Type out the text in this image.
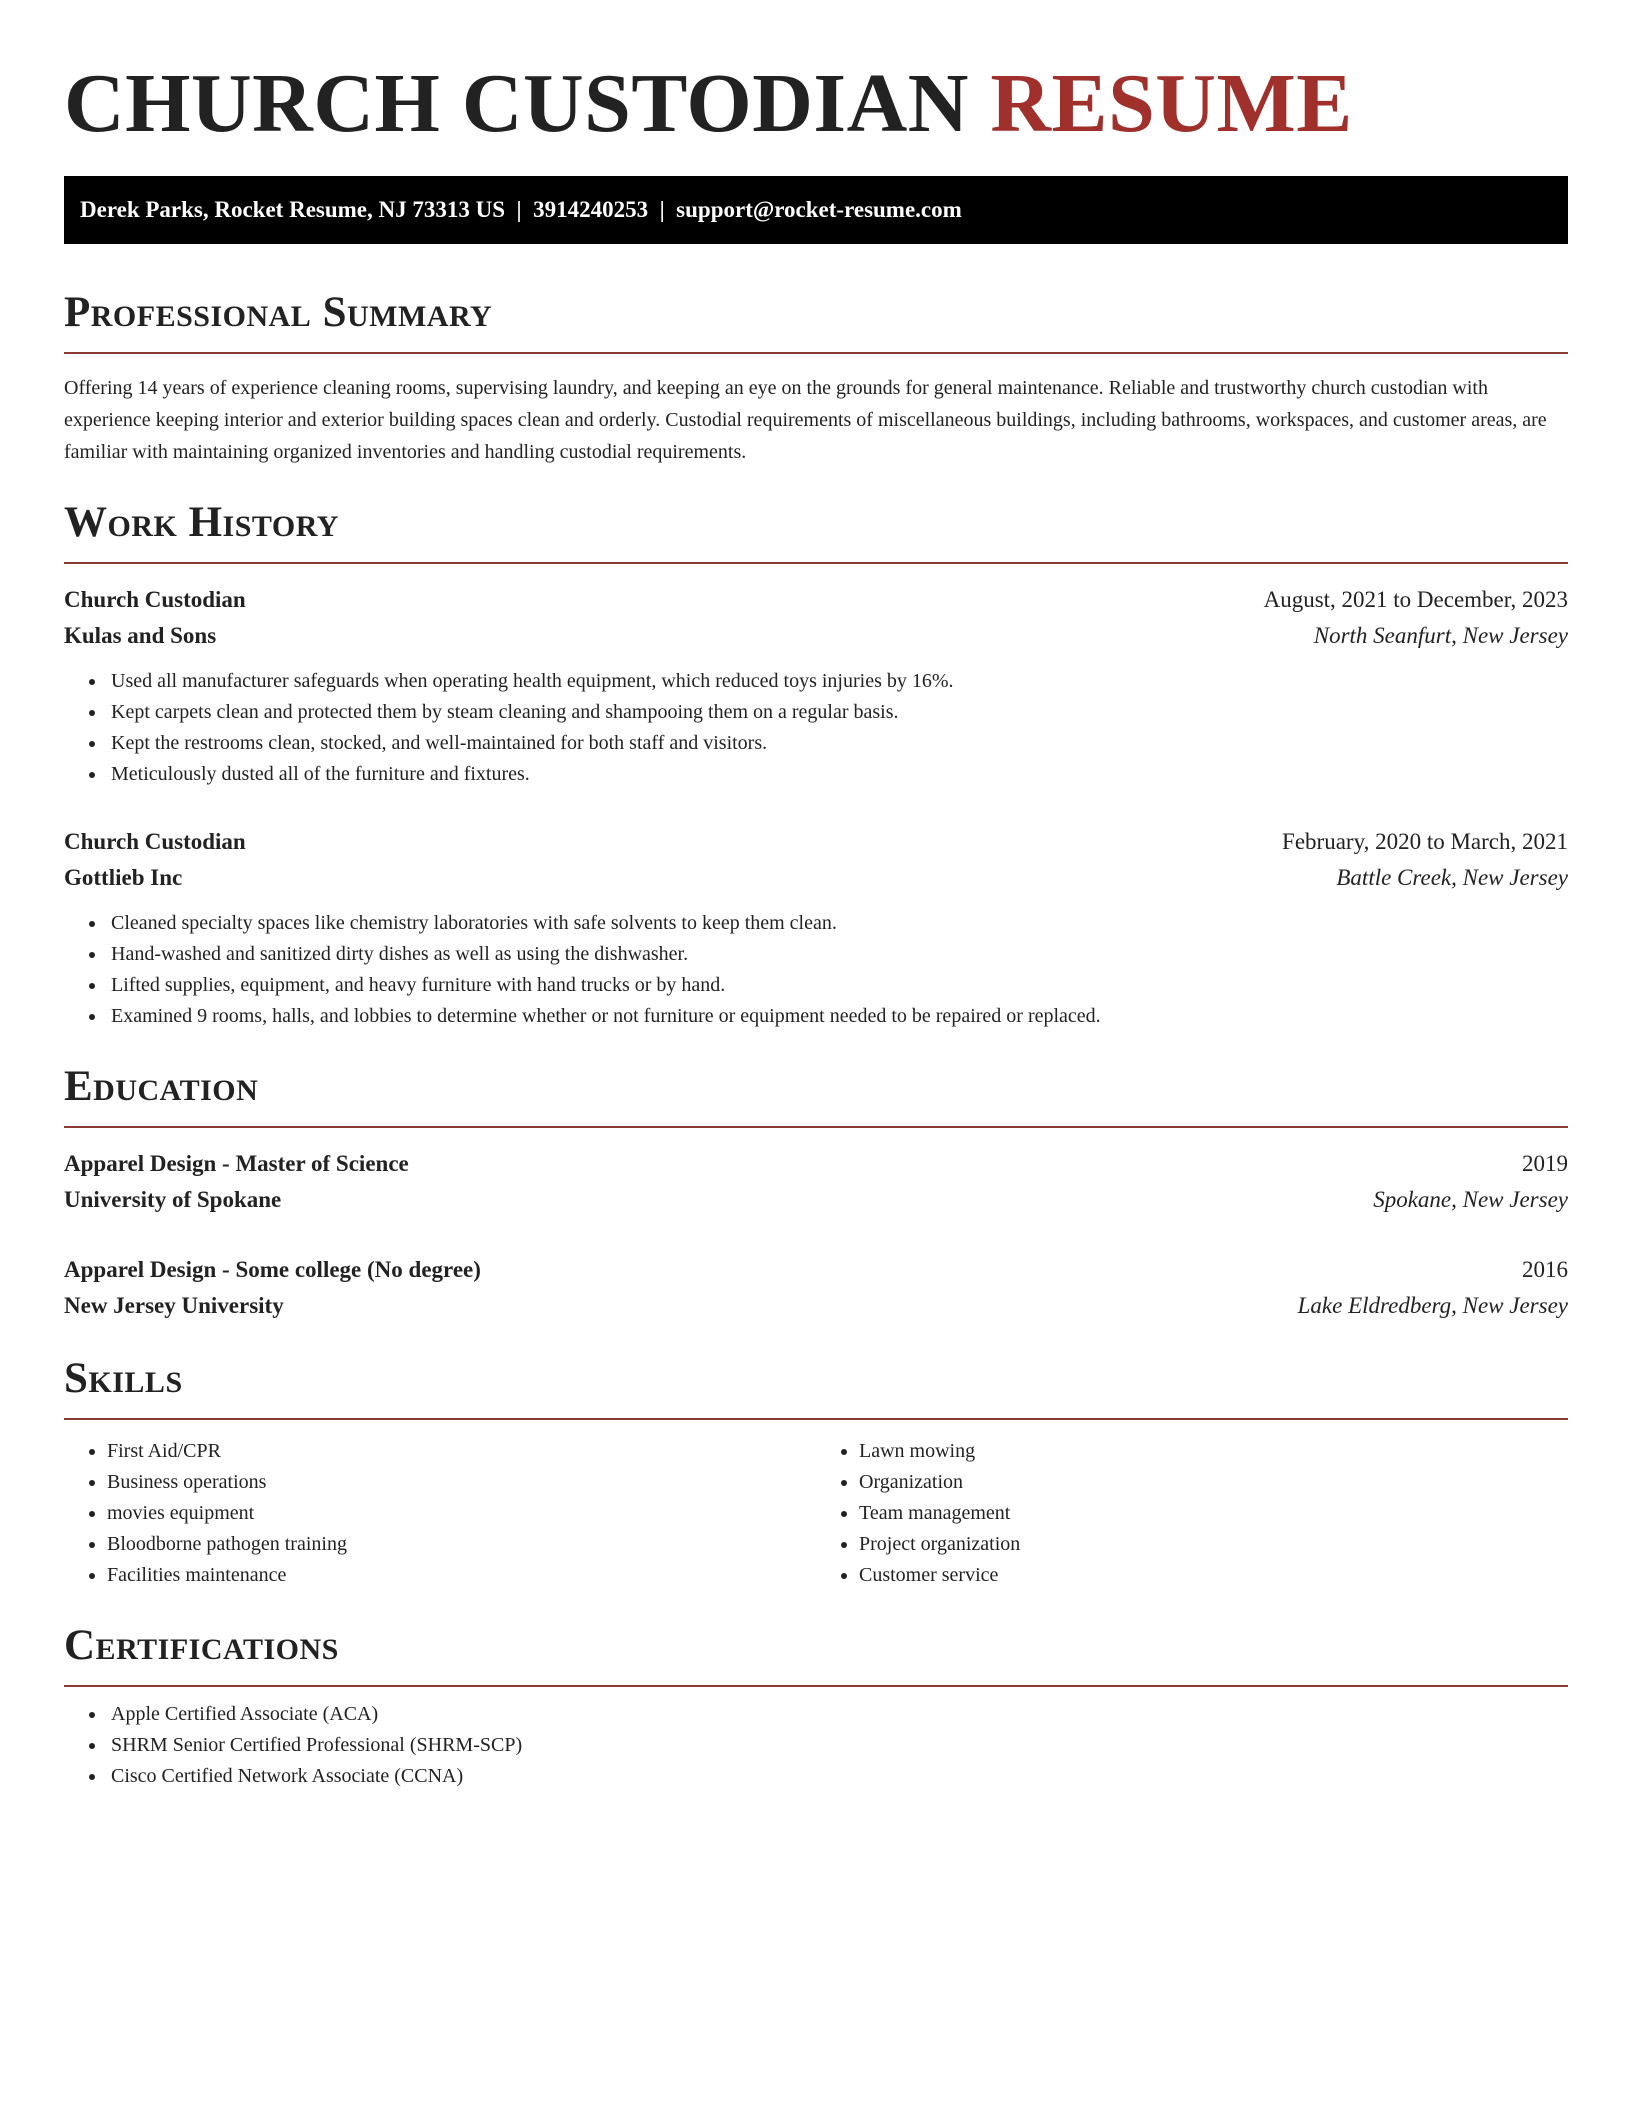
CHURCH CUSTODIAN RESUME
Derek Parks, Rocket Resume, NJ 73313 US  |  3914240253  |  support@rocket-resume.com
Professional Summary

Offering 14 years of experience cleaning rooms, supervising laundry, and keeping an eye on the grounds for general maintenance. Reliable and trustworthy church custodian with experience keeping interior and exterior building spaces clean and orderly. Custodial requirements of miscellaneous buildings, including bathrooms, workspaces, and customer areas, are familiar with maintaining organized inventories and handling custodial requirements.

Work History
Church Custodian	August, 2021 to December, 2023
Kulas and Sons	North Seanfurt, New Jersey
• Used all manufacturer safeguards when operating health equipment, which reduced toys injuries by 16%.
• Kept carpets clean and protected them by steam cleaning and shampooing them on a regular basis.
• Kept the restrooms clean, stocked, and well-maintained for both staff and visitors.
• Meticulously dusted all of the furniture and fixtures.
Church Custodian	February, 2020 to March, 2021
Gottlieb Inc	Battle Creek, New Jersey
• Cleaned specialty spaces like chemistry laboratories with safe solvents to keep them clean.
• Hand-washed and sanitized dirty dishes as well as using the dishwasher.
• Lifted supplies, equipment, and heavy furniture with hand trucks or by hand.
• Examined 9 rooms, halls, and lobbies to determine whether or not furniture or equipment needed to be repaired or replaced.
Education
Apparel Design - Master of Science	2019
University of Spokane	Spokane, New Jersey
Apparel Design - Some college (No degree)	2016
New Jersey University	Lake Eldredberg, New Jersey
Skills
• First Aid/CPR
• Business operations
• movies equipment
• Bloodborne pathogen training
• Facilities maintenance
• Lawn mowing
• Organization
• Team management
• Project organization
• Customer service
Certifications
• Apple Certified Associate (ACA)
• SHRM Senior Certified Professional (SHRM-SCP)
• Cisco Certified Network Associate (CCNA)
